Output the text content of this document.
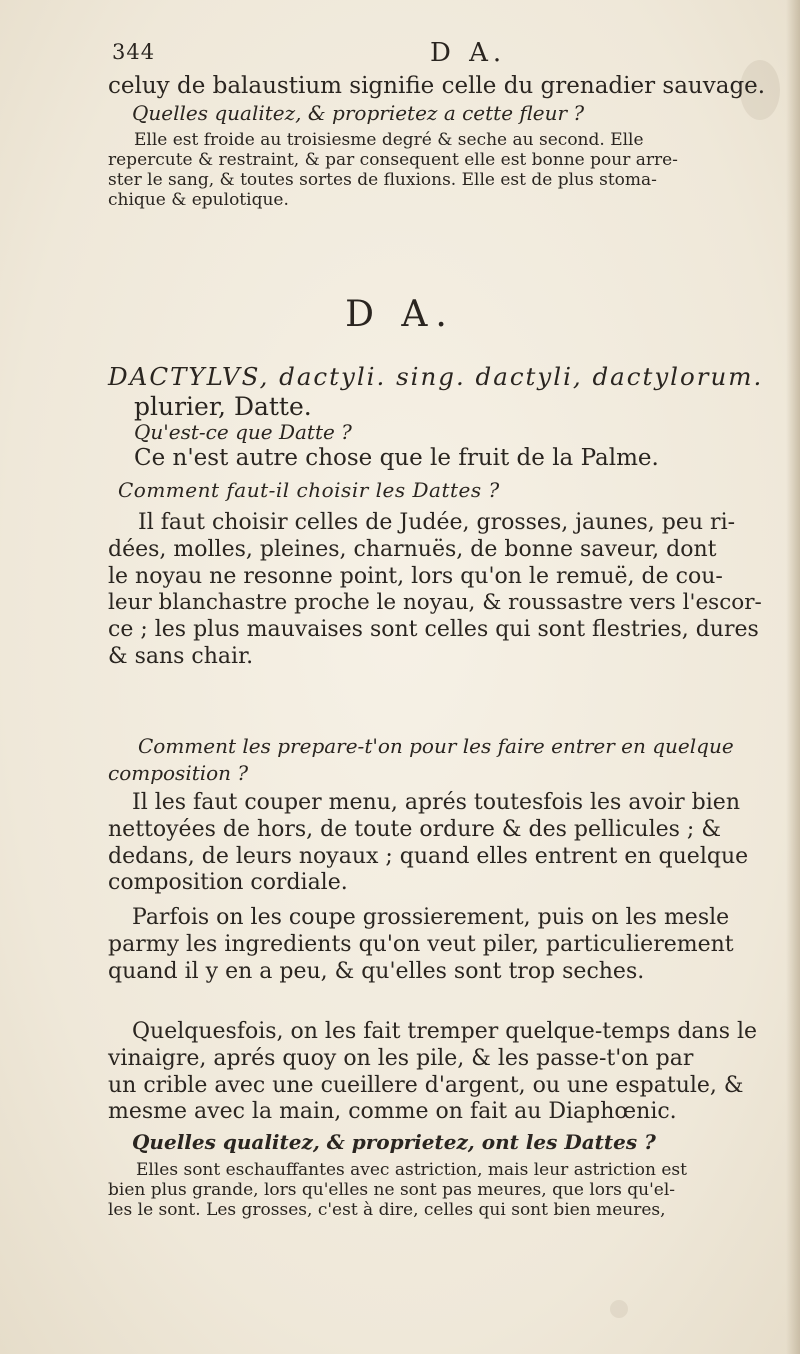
344	D A.
celuy de balaustium signifie celle du grenadier sauvage.
Quelles qualitez, & proprietez a cette fleur ?
Elle est froide au troisiesme degré & seche au second. Elle
repercute & restraint, & par consequent elle est bonne pour arre-
ster le sang, & toutes sortes de fluxions. Elle est de plus stoma-
chique & epulotique.
D A.
DACTYLVS, dactyli. sing. dactyli, dactylorum.
plurier, Datte.
Qu'est-ce que Datte ?
Ce n'est autre chose que le fruit de la Palme.
Comment faut-il choisir les Dattes ?
Il faut choisir celles de Judée, grosses, jaunes, peu ri-
dées, molles, pleines, charnuës, de bonne saveur, dont
le noyau ne resonne point, lors qu'on le remuë, de cou-
leur blanchastre proche le noyau, & roussastre vers l'escor-
ce ; les plus mauvaises sont celles qui sont flestries, dures
& sans chair.
Comment les prepare-t'on pour les faire entrer en quelque
composition ?
Il les faut couper menu, aprés toutesfois les avoir bien
nettoyées de hors, de toute ordure & des pellicules ; &
dedans, de leurs noyaux ; quand elles entrent en quelque
composition cordiale.
Parfois on les coupe grossierement, puis on les mesle
parmy les ingredients qu'on veut piler, particulierement
quand il y en a peu, & qu'elles sont trop seches.
Quelquesfois, on les fait tremper quelque-temps dans le
vinaigre, aprés quoy on les pile, & les passe-t'on par
un crible avec une cueillere d'argent, ou une espatule, &
mesme avec la main, comme on fait au Diaphœnic.
Quelles qualitez, & proprietez, ont les Dattes ?
Elles sont eschauffantes avec astriction, mais leur astriction est
bien plus grande, lors qu'elles ne sont pas meures, que lors qu'el-
les le sont. Les grosses, c'est à dire, celles qui sont bien meures,
